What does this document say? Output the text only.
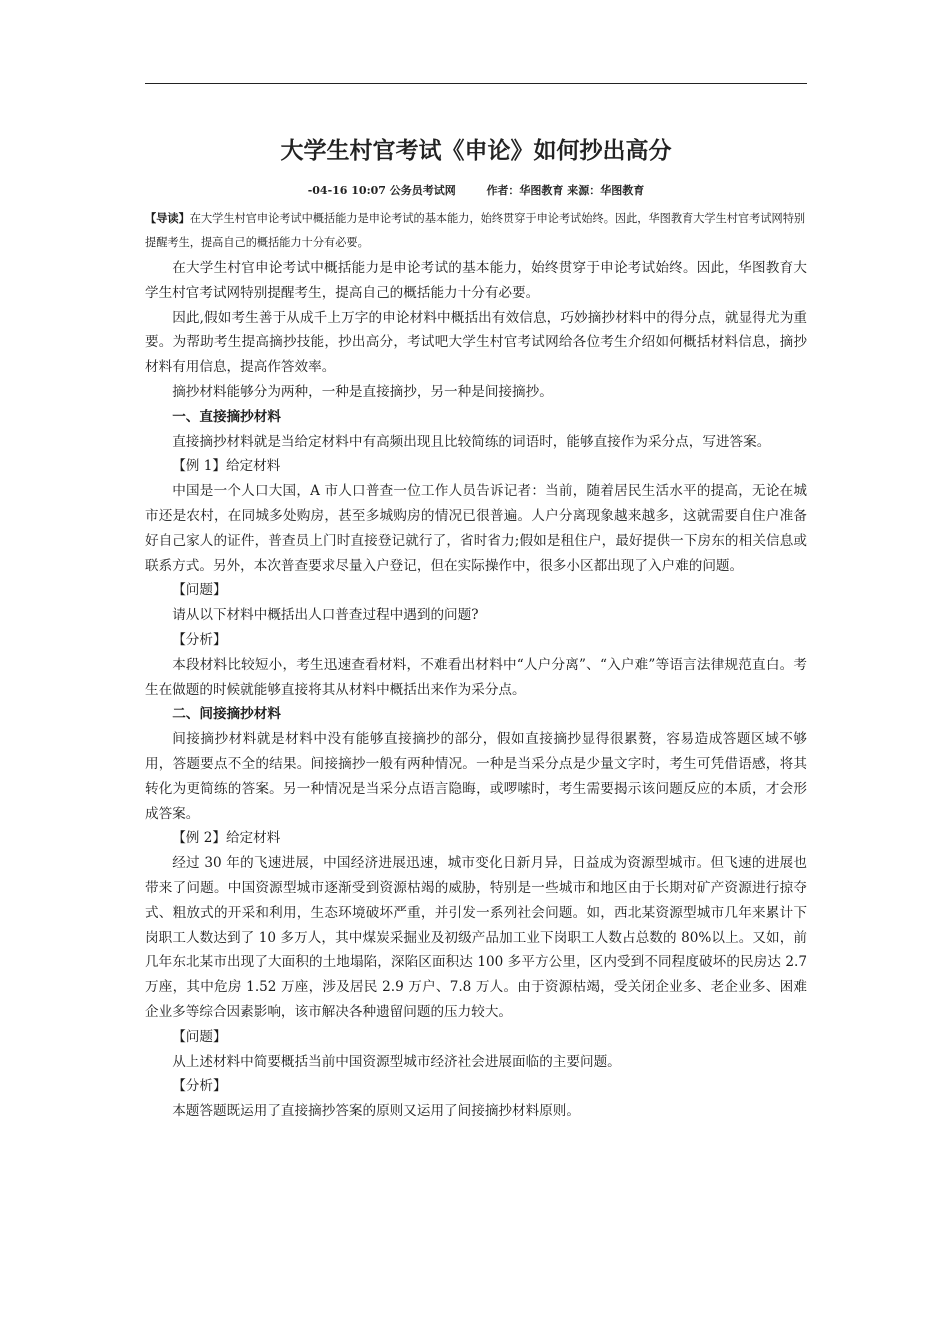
大学生村官考试《申论》如何抄出高分
-04-16 10:07 公务员考试网	作者：华图教育 来源：华图教育

【导读】在大学生村官申论考试中概括能力是申论考试的基本能力，始终贯穿于申论考试始终。因此，华图教育大学生村官考试网特别提醒考生，提高自己的概括能力十分有必要。

在大学生村官申论考试中概括能力是申论考试的基本能力，始终贯穿于申论考试始终。因此，华图教育大学生村官考试网特别提醒考生，提高自己的概括能力十分有必要。

因此,假如考生善于从成千上万字的申论材料中概括出有效信息，巧妙摘抄材料中的得分点，就显得尤为重要。为帮助考生提高摘抄技能，抄出高分，考试吧大学生村官考试网给各位考生介绍如何概括材料信息，摘抄材料有用信息，提高作答效率。

摘抄材料能够分为两种，一种是直接摘抄，另一种是间接摘抄。

一、直接摘抄材料

直接摘抄材料就是当给定材料中有高频出现且比较简练的词语时，能够直接作为采分点，写进答案。

【例 1】给定材料

中国是一个人口大国，A 市人口普查一位工作人员告诉记者：当前，随着居民生活水平的提高，无论在城市还是农村，在同城多处购房，甚至多城购房的情况已很普遍。人户分离现象越来越多，这就需要自住户准备好自己家人的证件，普查员上门时直接登记就行了，省时省力;假如是租住户，最好提供一下房东的相关信息或联系方式。另外，本次普查要求尽量入户登记，但在实际操作中，很多小区都出现了入户难的问题。

【问题】

请从以下材料中概括出人口普查过程中遇到的问题?

【分析】

本段材料比较短小，考生迅速查看材料，不难看出材料中“人户分离”、“入户难”等语言法律规范直白。考生在做题的时候就能够直接将其从材料中概括出来作为采分点。

二、间接摘抄材料

间接摘抄材料就是材料中没有能够直接摘抄的部分，假如直接摘抄显得很累赘，容易造成答题区域不够用，答题要点不全的结果。间接摘抄一般有两种情况。一种是当采分点是少量文字时，考生可凭借语感，将其转化为更简练的答案。另一种情况是当采分点语言隐晦，或啰嗦时，考生需要揭示该问题反应的本质，才会形成答案。

【例 2】给定材料

经过 30 年的飞速进展，中国经济进展迅速，城市变化日新月异，日益成为资源型城市。但飞速的进展也带来了问题。中国资源型城市逐渐受到资源枯竭的威胁，特别是一些城市和地区由于长期对矿产资源进行掠夺式、粗放式的开采和利用，生态环境破坏严重，并引发一系列社会问题。如，西北某资源型城市几年来累计下岗职工人数达到了 10 多万人，其中煤炭采掘业及初级产品加工业下岗职工人数占总数的 80%以上。又如，前几年东北某市出现了大面积的土地塌陷，深陷区面积达 100 多平方公里，区内受到不同程度破坏的民房达 2.7 万座，其中危房 1.52 万座，涉及居民 2.9 万户、7.8 万人。由于资源枯竭，受关闭企业多、老企业多、困难企业多等综合因素影响，该市解决各种遗留问题的压力较大。

【问题】

从上述材料中简要概括当前中国资源型城市经济社会进展面临的主要问题。

【分析】

本题答题既运用了直接摘抄答案的原则又运用了间接摘抄材料原则。
